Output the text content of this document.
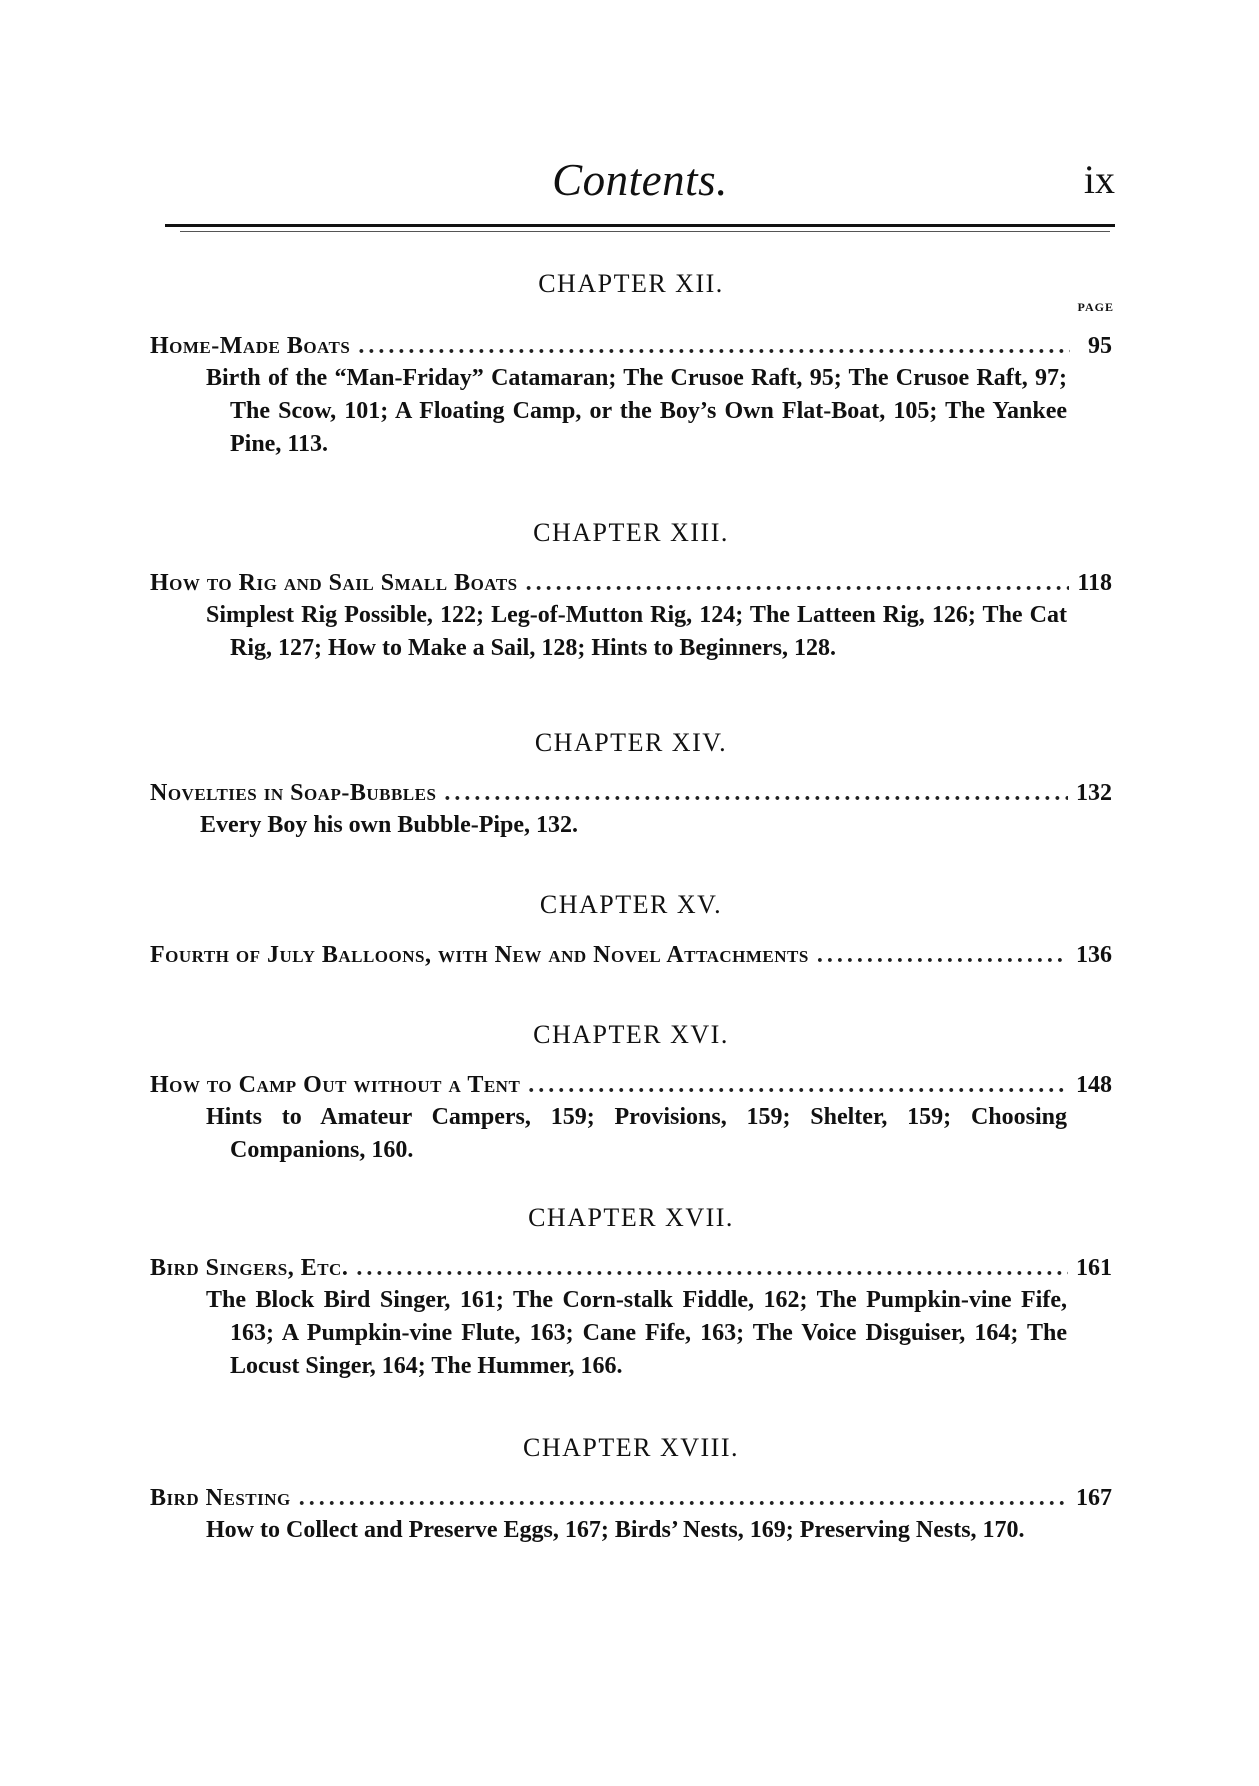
Contents.	ix
PAGE
CHAPTER XII.
Home-Made Boats .....	95
Birth of the “Man-Friday” Catamaran; The Crusoe Raft, 95; The Crusoe Raft, 97; The Scow, 101; A Floating Camp, or the Boy’s Own Flat-Boat, 105; The Yankee Pine, 113.
CHAPTER XIII.
How to Rig and Sail Small Boats .....	118
Simplest Rig Possible, 122; Leg-of-Mutton Rig, 124; The Latteen Rig, 126; The Cat Rig, 127; How to Make a Sail, 128; Hints to Beginners, 128.
CHAPTER XIV.
Novelties in Soap-Bubbles .....	132
Every Boy his own Bubble-Pipe, 132.
CHAPTER XV.
Fourth of July Balloons, with New and Novel Attachments .....	136
CHAPTER XVI.
How to Camp Out without a Tent .....	148
Hints to Amateur Campers, 159; Provisions, 159; Shelter, 159; Choosing Companions, 160.
CHAPTER XVII.
Bird Singers, Etc. .....	161
The Block Bird Singer, 161; The Corn-stalk Fiddle, 162; The Pumpkin-vine Fife, 163; A Pumpkin-vine Flute, 163; Cane Fife, 163; The Voice Disguiser, 164; The Locust Singer, 164; The Hummer, 166.
CHAPTER XVIII.
Bird Nesting .....	167
How to Collect and Preserve Eggs, 167; Birds’ Nests, 169; Preserving Nests, 170.
